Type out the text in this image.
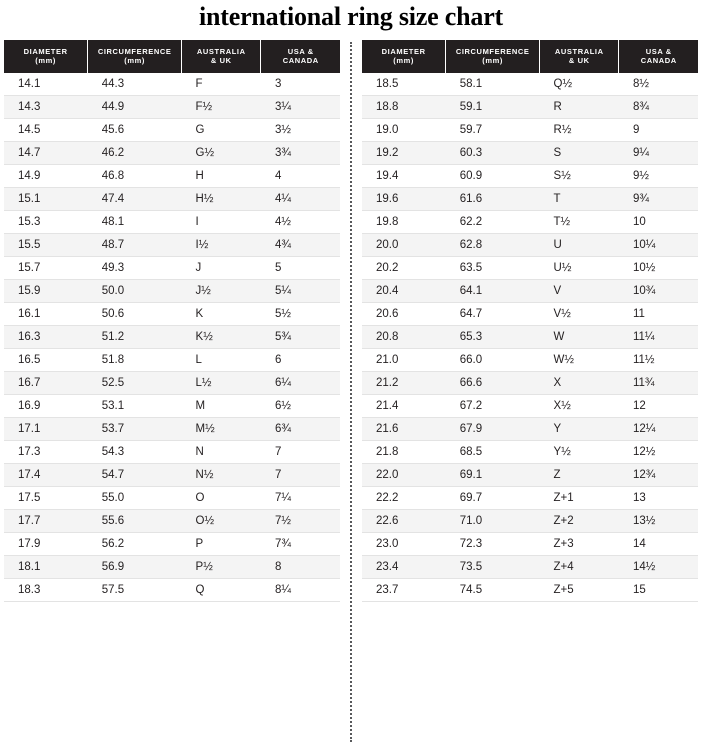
international ring size chart
DIAMETER
(mm)	CIRCUMFERENCE
(mm)	AUSTRALIA
& UK	USA &
CANADA
14.1	44.3	F	3
14.3	44.9	F½	3¼
14.5	45.6	G	3½
14.7	46.2	G½	3¾
14.9	46.8	H	4
15.1	47.4	H½	4¼
15.3	48.1	I	4½
15.5	48.7	I½	4¾
15.7	49.3	J	5
15.9	50.0	J½	5¼
16.1	50.6	K	5½
16.3	51.2	K½	5¾
16.5	51.8	L	6
16.7	52.5	L½	6¼
16.9	53.1	M	6½
17.1	53.7	M½	6¾
17.3	54.3	N	7
17.4	54.7	N½	7
17.5	55.0	O	7¼
17.7	55.6	O½	7½
17.9	56.2	P	7¾
18.1	56.9	P½	8
18.3	57.5	Q	8¼
DIAMETER
(mm)	CIRCUMFERENCE
(mm)	AUSTRALIA
& UK	USA &
CANADA
18.5	58.1	Q½	8½
18.8	59.1	R	8¾
19.0	59.7	R½	9
19.2	60.3	S	9¼
19.4	60.9	S½	9½
19.6	61.6	T	9¾
19.8	62.2	T½	10
20.0	62.8	U	10¼
20.2	63.5	U½	10½
20.4	64.1	V	10¾
20.6	64.7	V½	11
20.8	65.3	W	11¼
21.0	66.0	W½	11½
21.2	66.6	X	11¾
21.4	67.2	X½	12
21.6	67.9	Y	12¼
21.8	68.5	Y½	12½
22.0	69.1	Z	12¾
22.2	69.7	Z+1	13
22.6	71.0	Z+2	13½
23.0	72.3	Z+3	14
23.4	73.5	Z+4	14½
23.7	74.5	Z+5	15
